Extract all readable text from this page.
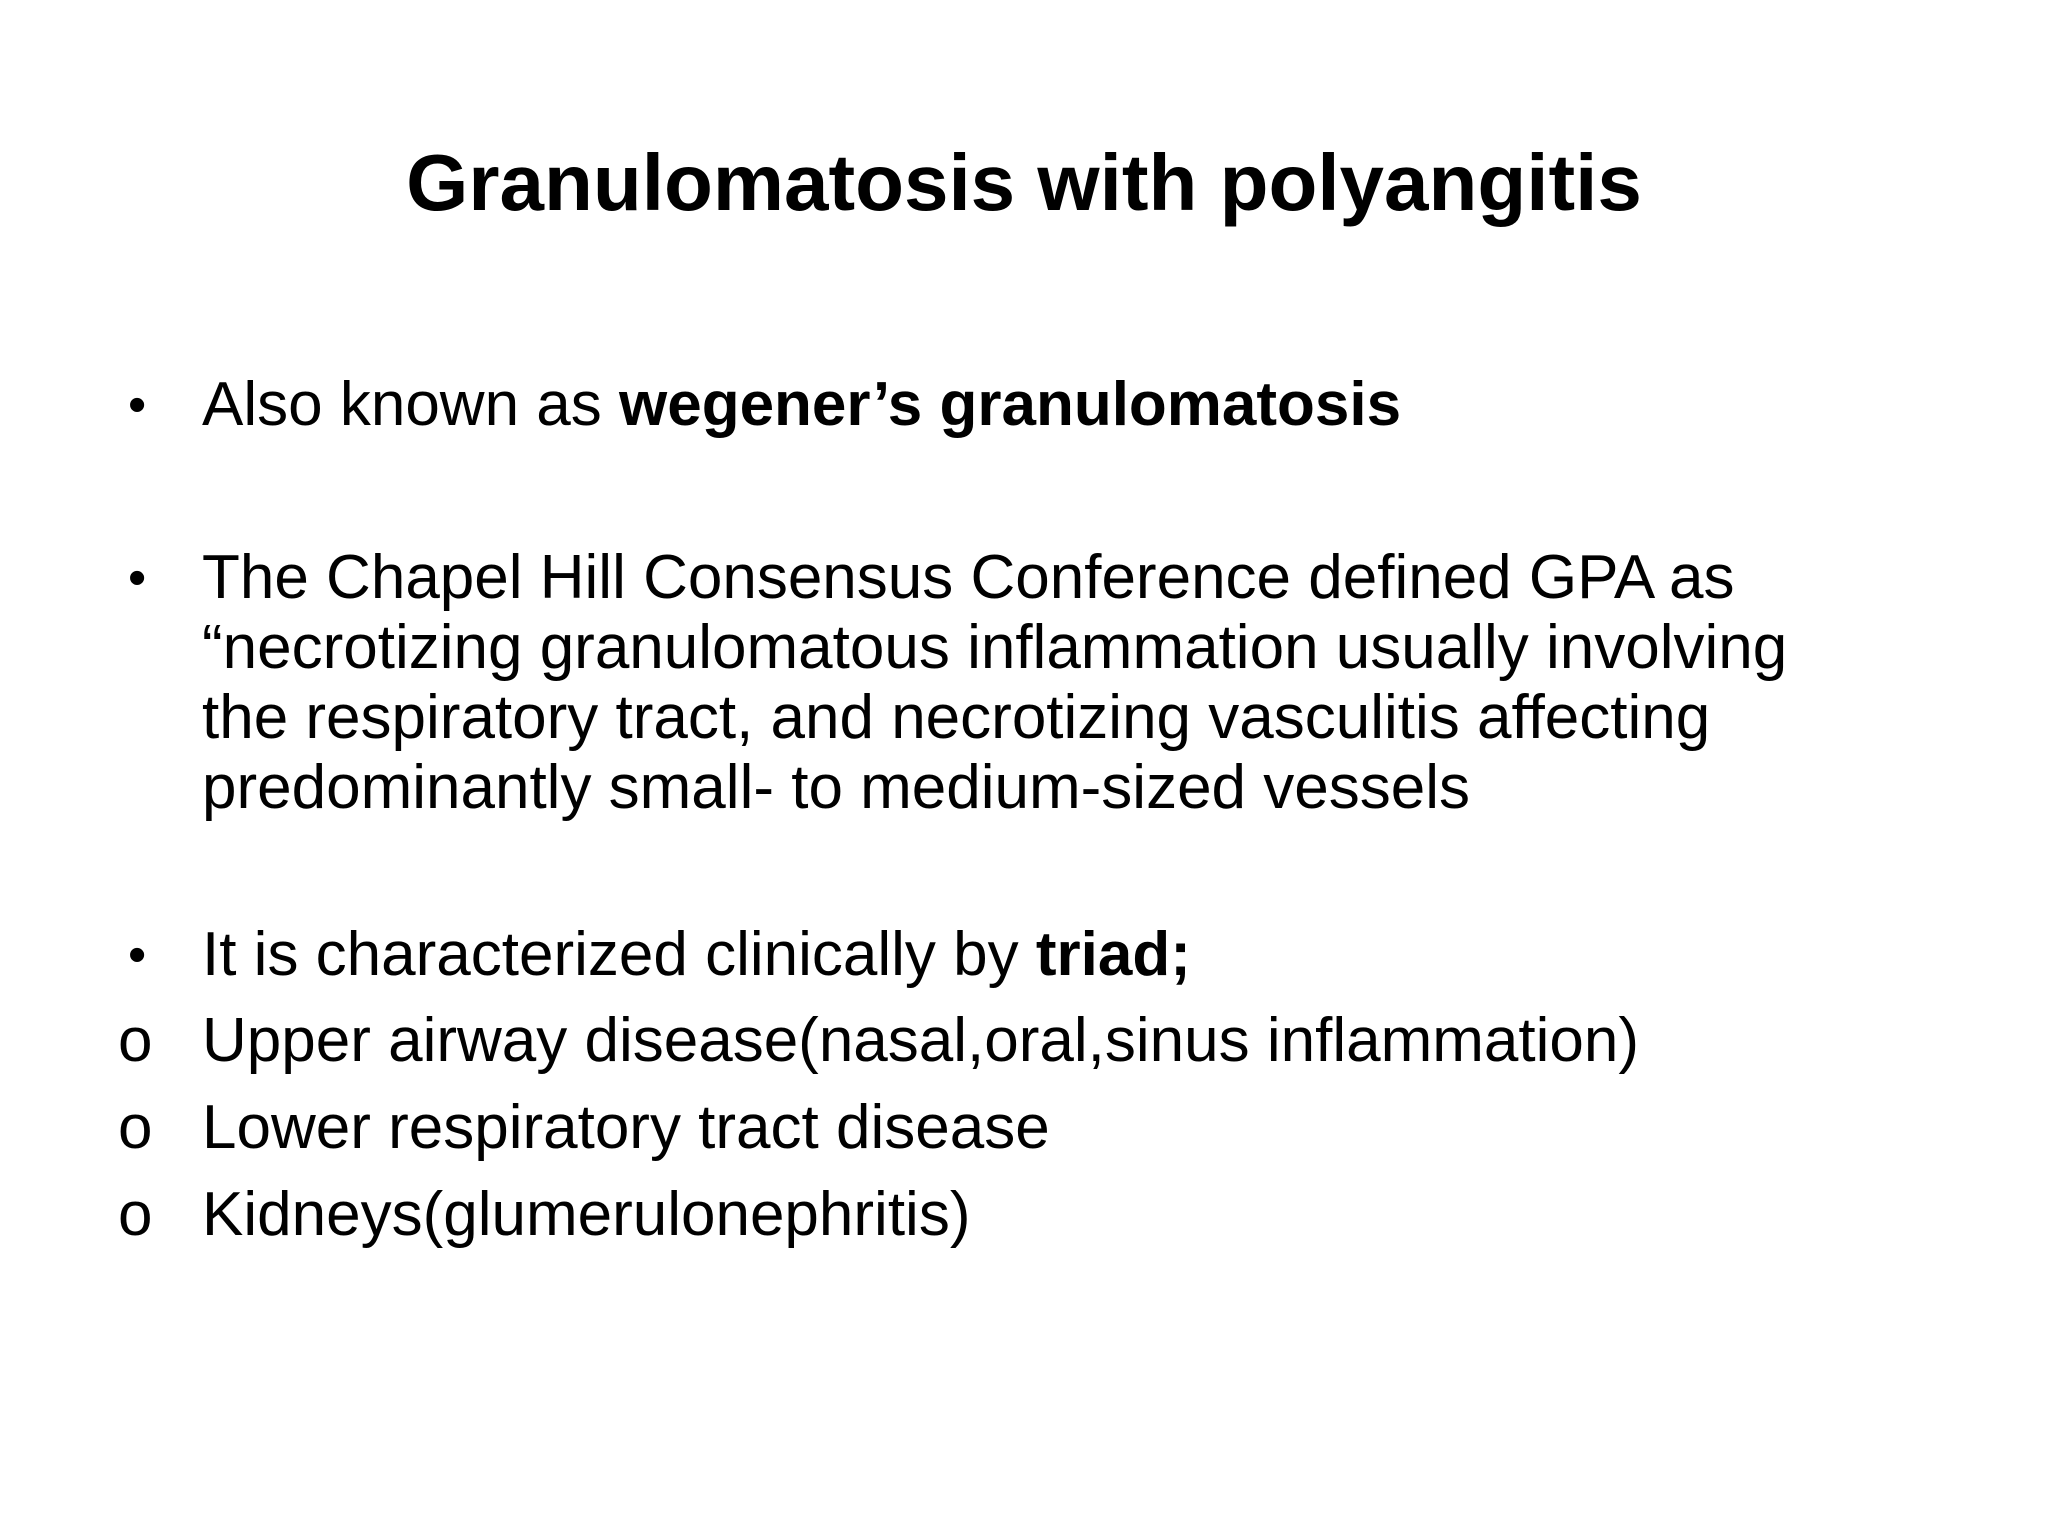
Granulomatosis with polyangitis
• Also known as wegener’s granulomatosis
• The Chapel Hill Consensus Conference defined GPA as
“necrotizing granulomatous inflammation usually involving
the respiratory tract, and necrotizing vasculitis affecting
predominantly small- to medium-sized vessels
• It is characterized clinically by triad;
o Upper airway disease(nasal,oral,sinus inflammation)
o Lower respiratory tract disease
o Kidneys(glumerulonephritis)
